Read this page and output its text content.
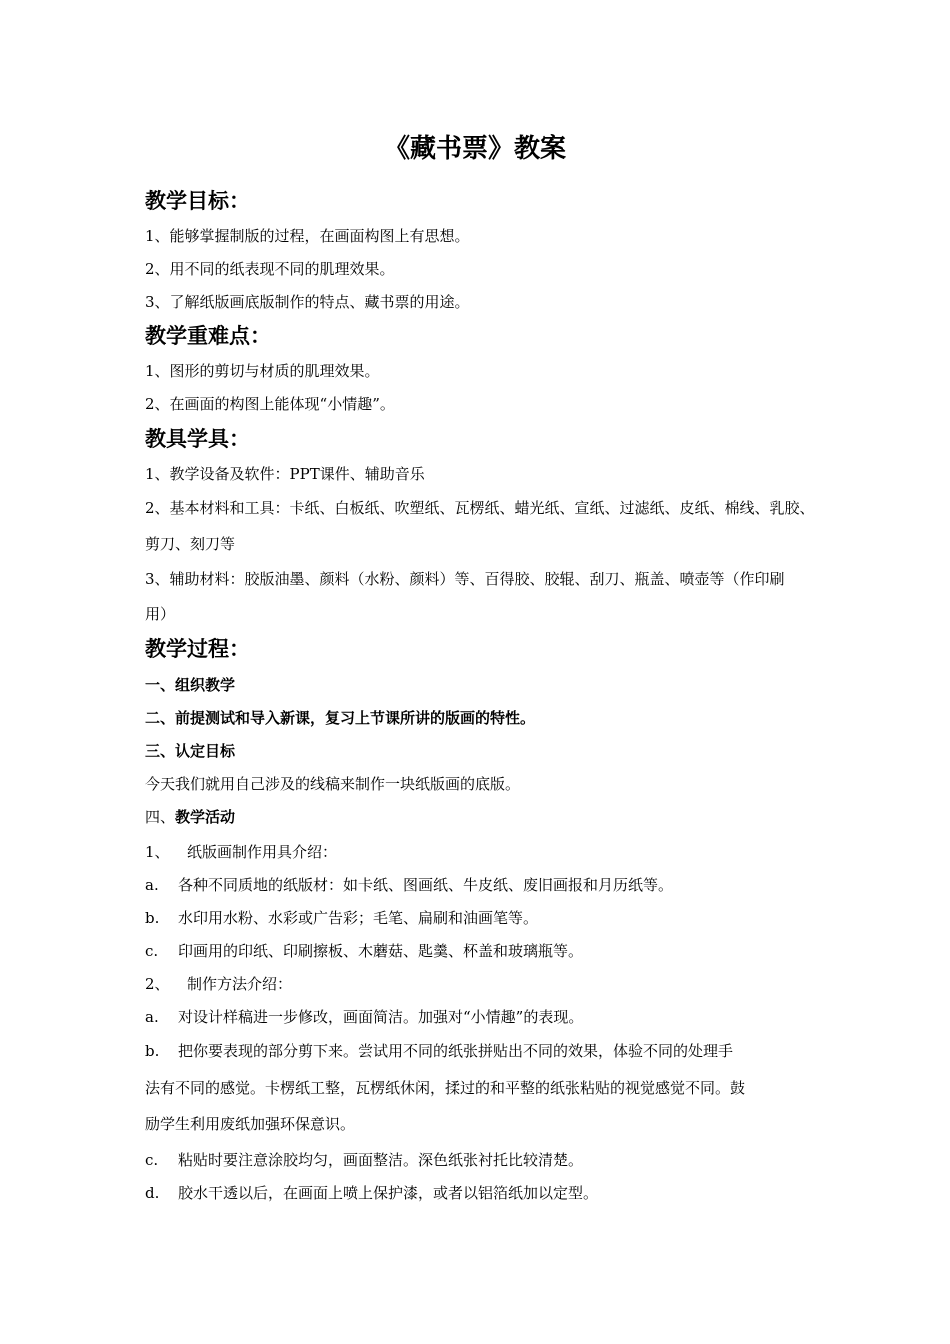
《藏书票》教案
教学目标：
1、能够掌握制版的过程，在画面构图上有思想。
2、用不同的纸表现不同的肌理效果。
3、了解纸版画底版制作的特点、藏书票的用途。
教学重难点：
1、图形的剪切与材质的肌理效果。
2、在画面的构图上能体现“小情趣”。
教具学具：
1、教学设备及软件：PPT课件、辅助音乐
2、基本材料和工具：卡纸、白板纸、吹塑纸、瓦楞纸、蜡光纸、宣纸、过滤纸、皮纸、棉线、乳胶、
剪刀、刻刀等
3、辅助材料：胶版油墨、颜料（水粉、颜料）等、百得胶、胶辊、刮刀、瓶盖、喷壶等（作印刷
用）
教学过程：
一、组织教学
二、前提测试和导入新课，复习上节课所讲的版画的特性。
三、认定目标
今天我们就用自己涉及的线稿来制作一块纸版画的底版。
四、教学活动
1、 纸版画制作用具介绍：
a. 各种不同质地的纸版材：如卡纸、图画纸、牛皮纸、废旧画报和月历纸等。
b. 水印用水粉、水彩或广告彩；毛笔、扁刷和油画笔等。
c. 印画用的印纸、印刷擦板、木蘑菇、匙羹、杯盖和玻璃瓶等。
2、 制作方法介绍：
a. 对设计样稿进一步修改，画面简洁。加强对“小情趣”的表现。
b. 把你要表现的部分剪下来。尝试用不同的纸张拼贴出不同的效果，体验不同的处理手
法有不同的感觉。卡楞纸工整，瓦楞纸休闲，揉过的和平整的纸张粘贴的视觉感觉不同。鼓
励学生利用废纸加强环保意识。
c. 粘贴时要注意涂胶均匀，画面整洁。深色纸张衬托比较清楚。
d. 胶水干透以后，在画面上喷上保护漆，或者以铝箔纸加以定型。
